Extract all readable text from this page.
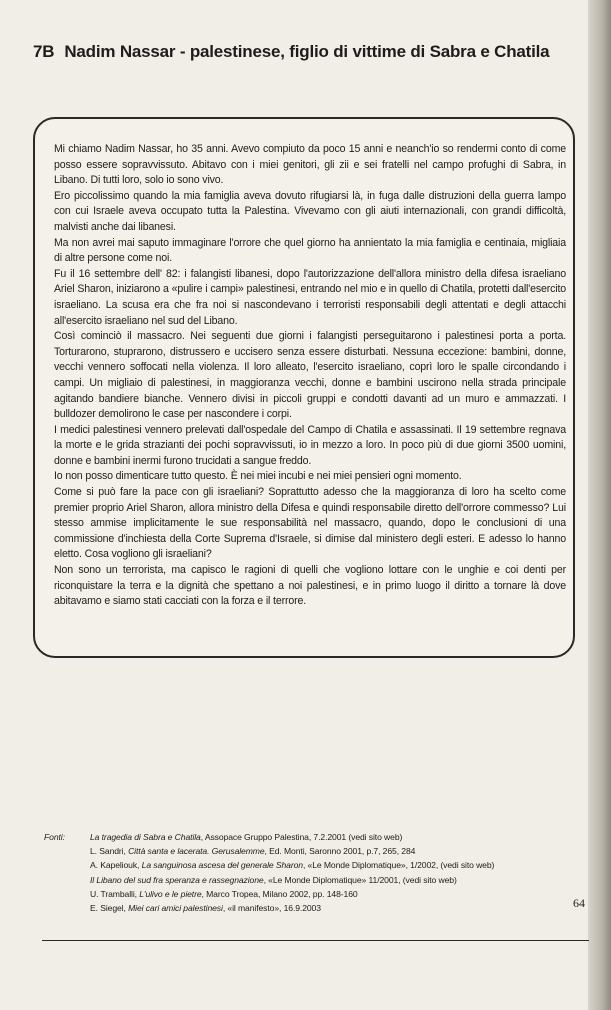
7B Nadim Nassar - palestinese, figlio di vittime di Sabra e Chatila

Mi chiamo Nadim Nassar, ho 35 anni. Avevo compiuto da poco 15 anni e neanch'io so rendermi conto di come posso essere sopravvissuto. Abitavo con i miei genitori, gli zii e sei fratelli nel campo profughi di Sabra, in Libano. Di tutti loro, solo io sono vivo.

Ero piccolissimo quando la mia famiglia aveva dovuto rifugiarsi là, in fuga dalle distruzioni della guerra lampo con cui Israele aveva occupato tutta la Palestina. Vivevamo con gli aiuti internazionali, con grandi difficoltà, malvisti anche dai libanesi.

Ma non avrei mai saputo immaginare l'orrore che quel giorno ha annientato la mia famiglia e centinaia, migliaia di altre persone come noi.

Fu il 16 settembre dell' 82: i falangisti libanesi, dopo l'autorizzazione dell'allora ministro della difesa israeliano Ariel Sharon, iniziarono a «pulire i campi» palestinesi, entrando nel mio e in quello di Chatila, protetti dall'esercito israeliano. La scusa era che fra noi si nascondevano i terroristi responsabili degli attentati e degli attacchi all'esercito israeliano nel sud del Libano.

Così cominciò il massacro. Nei seguenti due giorni i falangisti perseguitarono i palestinesi porta a porta. Torturarono, stuprarono, distrussero e uccisero senza essere disturbati. Nessuna eccezione: bambini, donne, vecchi vennero soffocati nella violenza. Il loro alleato, l'esercito israeliano, coprì loro le spalle circondando i campi. Un migliaio di palestinesi, in maggioranza vecchi, donne e bambini uscirono nella strada principale agitando bandiere bianche. Vennero divisi in piccoli gruppi e condotti davanti ad un muro e ammazzati. I bulldozer demolirono le case per nascondere i corpi.

I medici palestinesi vennero prelevati dall'ospedale del Campo di Chatila e assassinati. Il 19 settembre regnava la morte e le grida strazianti dei pochi sopravvissuti, io in mezzo a loro. In poco più di due giorni 3500 uomini, donne e bambini inermi furono trucidati a sangue freddo.

Io non posso dimenticare tutto questo. È nei miei incubi e nei miei pensieri ogni momento.

Come si può fare la pace con gli israeliani? Soprattutto adesso che la maggioranza di loro ha scelto come premier proprio Ariel Sharon, allora ministro della Difesa e quindi responsabile diretto dell'orrore commesso? Lui stesso ammise implicitamente le sue responsabilità nel massacro, quando, dopo le conclusioni di una commissione d'inchiesta della Corte Suprema d'Israele, si dimise dal ministero degli esteri. E adesso lo hanno eletto. Cosa vogliono gli israeliani?

Non sono un terrorista, ma capisco le ragioni di quelli che vogliono lottare con le unghie e coi denti per riconquistare la terra e la dignità che spettano a noi palestinesi, e in primo luogo il diritto a tornare là dove abitavamo e siamo stati cacciati con la forza e il terrore.

Fonti:	La tragedia di Sabra e Chatila, Assopace Gruppo Palestina, 7.2.2001 (vedi sito web)
L. Sandri, Città santa e lacerata. Gerusalemme, Ed. Monti, Saronno 2001, p.7, 265, 284
A. Kapeliouk, La sanguinosa ascesa del generale Sharon, «Le Monde Diplomatique», 1/2002, (vedi sito web)
Il Libano del sud fra speranza e rassegnazione, «Le Monde Diplomatique» 11/2001, (vedi sito web)
U. Tramballi, L'ulivo e le pietre, Marco Tropea, Milano 2002, pp. 148-160
E. Siegel, Miei cari amici palestinesi, «il manifesto», 16.9.2003	64
